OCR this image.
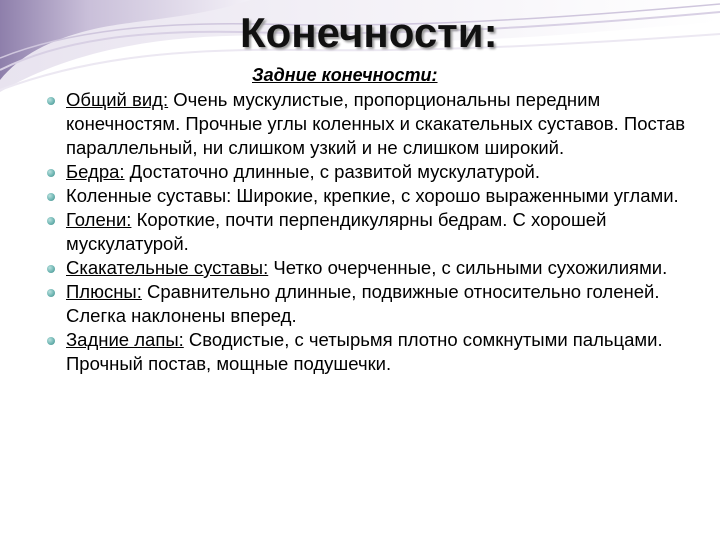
Конечности:
Задние конечности:
Общий вид: Очень мускулистые, пропорциональны передним конечностям. Прочные углы коленных и скакательных суставов. Постав параллельный, ни слишком узкий и не слишком широкий.
Бедра: Достаточно длинные, с развитой мускулатурой.
Коленные суставы: Широкие, крепкие, с хорошо выраженными углами.
Голени: Короткие, почти перпендикулярны бедрам. С хорошей мускулатурой.
Скакательные суставы: Четко очерченные, с сильными сухожилиями.
Плюсны: Сравнительно длинные, подвижные относительно голеней. Слегка наклонены вперед.
Задние лапы: Сводистые, с четырьмя плотно сомкнутыми пальцами. Прочный постав, мощные подушечки.
